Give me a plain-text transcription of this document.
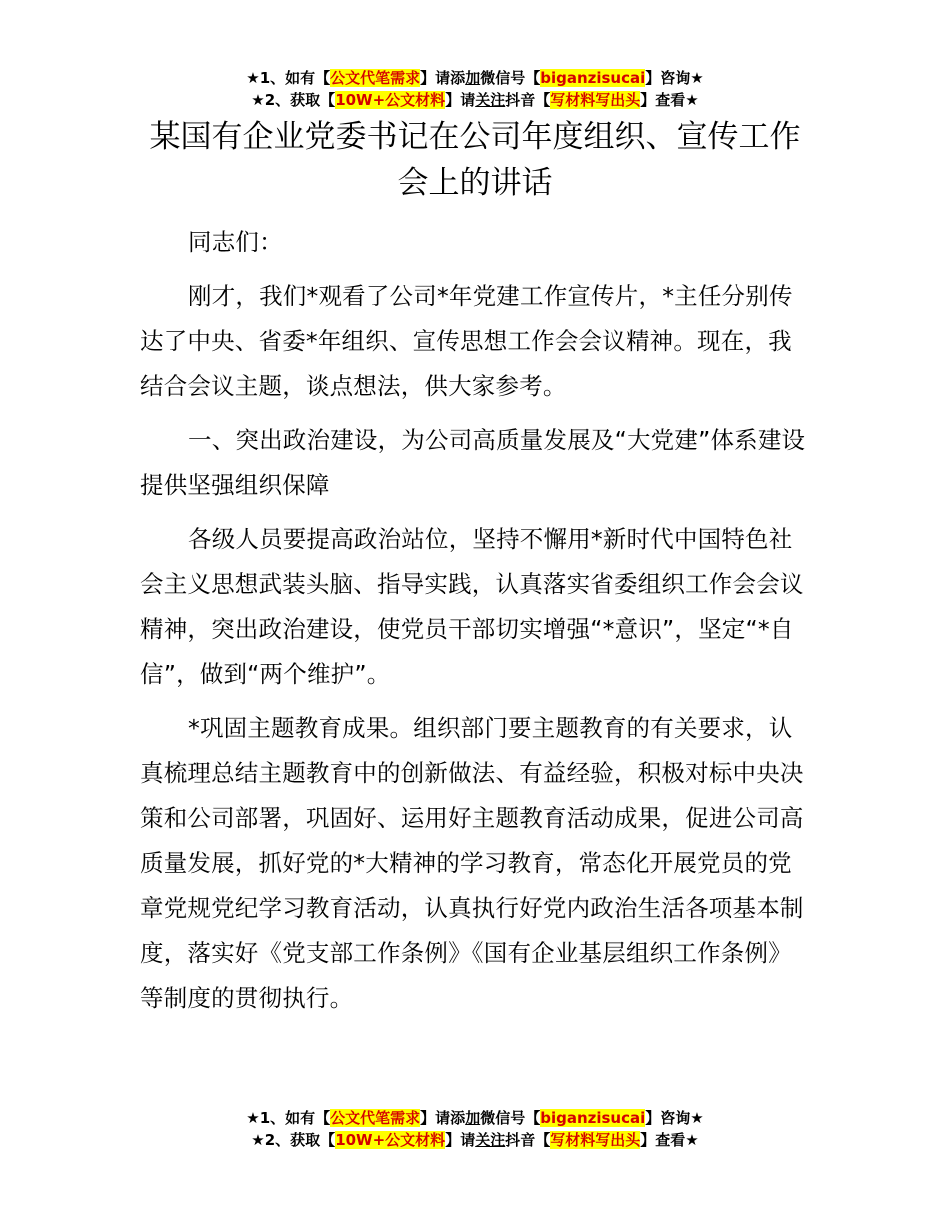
★1、如有【公文代笔需求】请添加微信号【biganzisucai】咨询★
★2、获取【10W+公文材料】请关注抖音【写材料写出头】查看★
某国有企业党委书记在公司年度组织、宣传工作会上的讲话

同志们：

刚才，我们*观看了公司*年党建工作宣传片，*主任分别传达了中央、省委*年组织、宣传思想工作会会议精神。现在，我结合会议主题，谈点想法，供大家参考。

一、突出政治建设，为公司高质量发展及“大党建”体系建设提供坚强组织保障

各级人员要提高政治站位，坚持不懈用*新时代中国特色社会主义思想武装头脑、指导实践，认真落实省委组织工作会会议精神，突出政治建设，使党员干部切实增强“*意识”，坚定“*自信”，做到“两个维护”。

*巩固主题教育成果。组织部门要主题教育的有关要求，认真梳理总结主题教育中的创新做法、有益经验，积极对标中央决策和公司部署，巩固好、运用好主题教育活动成果，促进公司高质量发展，抓好党的*大精神的学习教育，常态化开展党员的党章党规党纪学习教育活动，认真执行好党内政治生活各项基本制度，落实好《党支部工作条例》《国有企业基层组织工作条例》等制度的贯彻执行。

★1、如有【公文代笔需求】请添加微信号【biganzisucai】咨询★
★2、获取【10W+公文材料】请关注抖音【写材料写出头】查看★
